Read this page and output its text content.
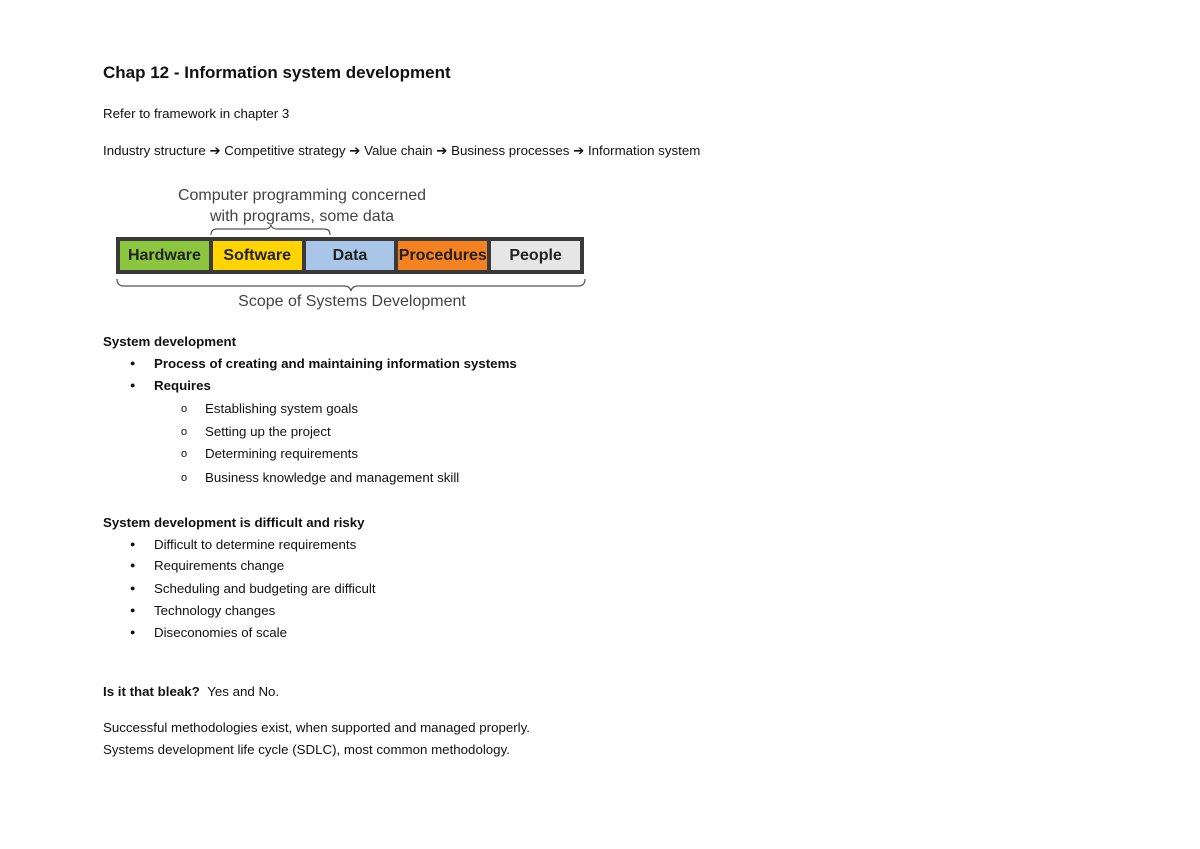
Chap 12 - Information system development
Refer to framework in chapter 3
Industry structure ➔ Competitive strategy ➔ Value chain ➔ Business processes ➔ Information system
Computer programming concerned
with programs, some data
Hardware	Software	Data	Procedures	People
Scope of Systems Development
System development
● Process of creating and maintaining information systems
● Requires
o Establishing system goals
o Setting up the project
o Determining requirements
o Business knowledge and management skill
System development is difficult and risky
● Difficult to determine requirements
● Requirements change
● Scheduling and budgeting are difficult
● Technology changes
● Diseconomies of scale
Is it that bleak? Yes and No.
Successful methodologies exist, when supported and managed properly.
Systems development life cycle (SDLC), most common methodology.
